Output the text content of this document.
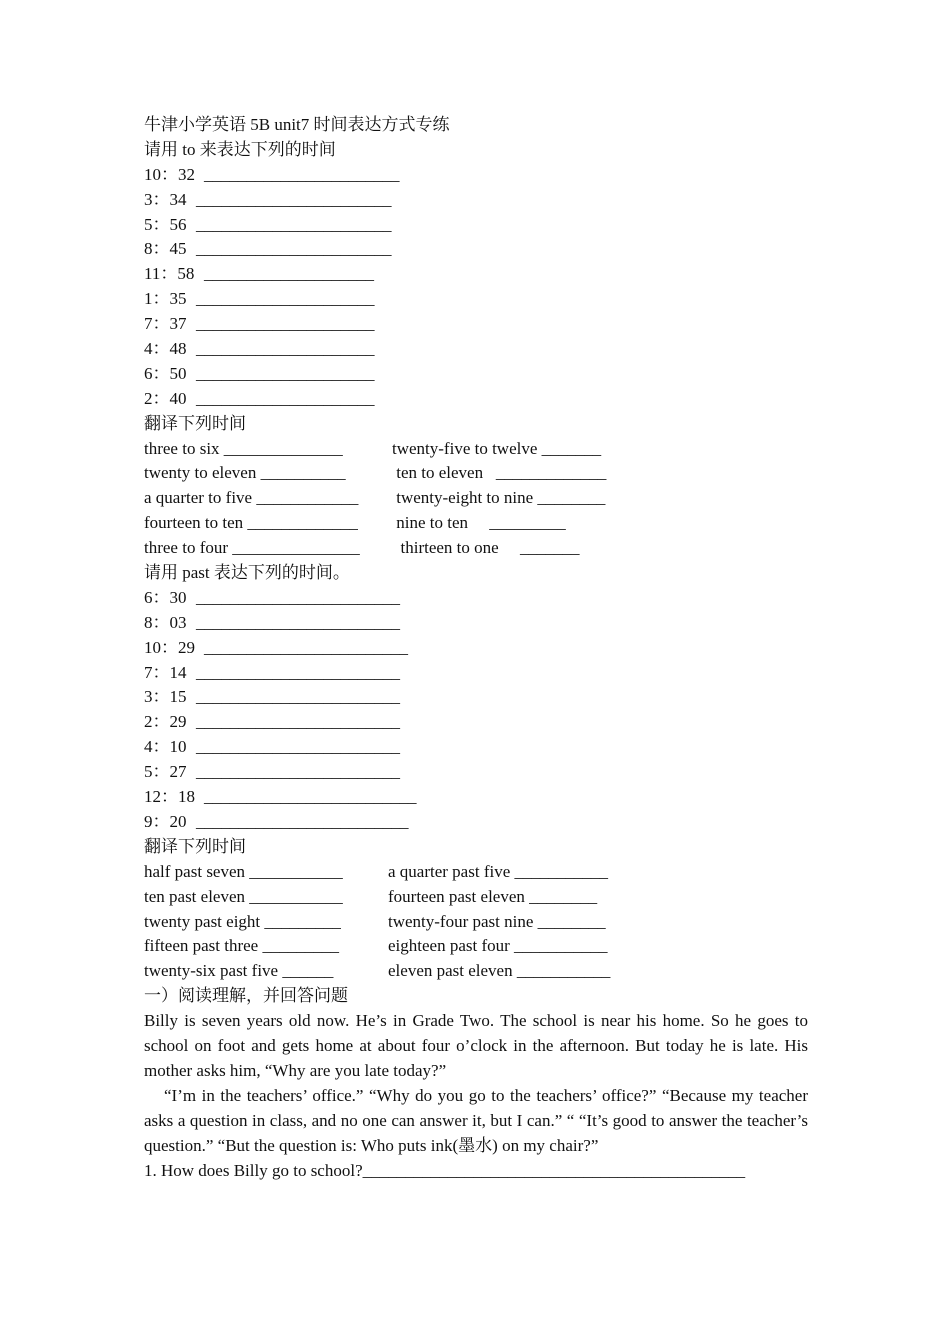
牛津小学英语 5B unit7 时间表达方式专练
请用 to 来表达下列的时间
10：32 _______________________
3：34 _______________________
5：56 _______________________
8：45 _______________________
11：58 ____________________
1：35 _____________________
7：37 _____________________
4：48 _____________________
6：50 _____________________
2：40 _____________________
翻译下列时间
three to six ______________	twenty-five to twelve _______
twenty to eleven __________	ten to eleven   _____________
a quarter to five ____________ twenty-eight to nine ________
fourteen to ten _____________ nine to ten     _________
three to four _______________  thirteen to one     _______
请用 past 表达下列的时间。
6：30 ________________________
8：03 ________________________
10：29 ________________________
7：14 ________________________
3：15 ________________________
2：29 ________________________
4：10 ________________________
5：27 ________________________
12：18 _________________________
9：20 _________________________
翻译下列时间
half past seven ___________	a quarter past five ___________
ten past eleven ___________	fourteen past eleven ________
twenty past eight _________	twenty-four past nine ________
fifteen past three _________	eighteen past four ___________
twenty-six past five ______	eleven past eleven ___________
一）阅读理解，并回答问题
Billy is seven years old now. He’s in Grade Two. The school is near his home. So he goes to school on foot and gets home at about four o’clock in the afternoon. But today he is late. His mother asks him, “Why are you late today?”
“I’m in the teachers’ office.” “Why do you go to the teachers’ office?” “Because my teacher asks a question in class, and no one can answer it, but I can.” “ “It’s good to answer the teacher’s question.” “But the question is: Who puts ink(墨水) on my chair?”
1. How does Billy go to school?_____________________________________________
